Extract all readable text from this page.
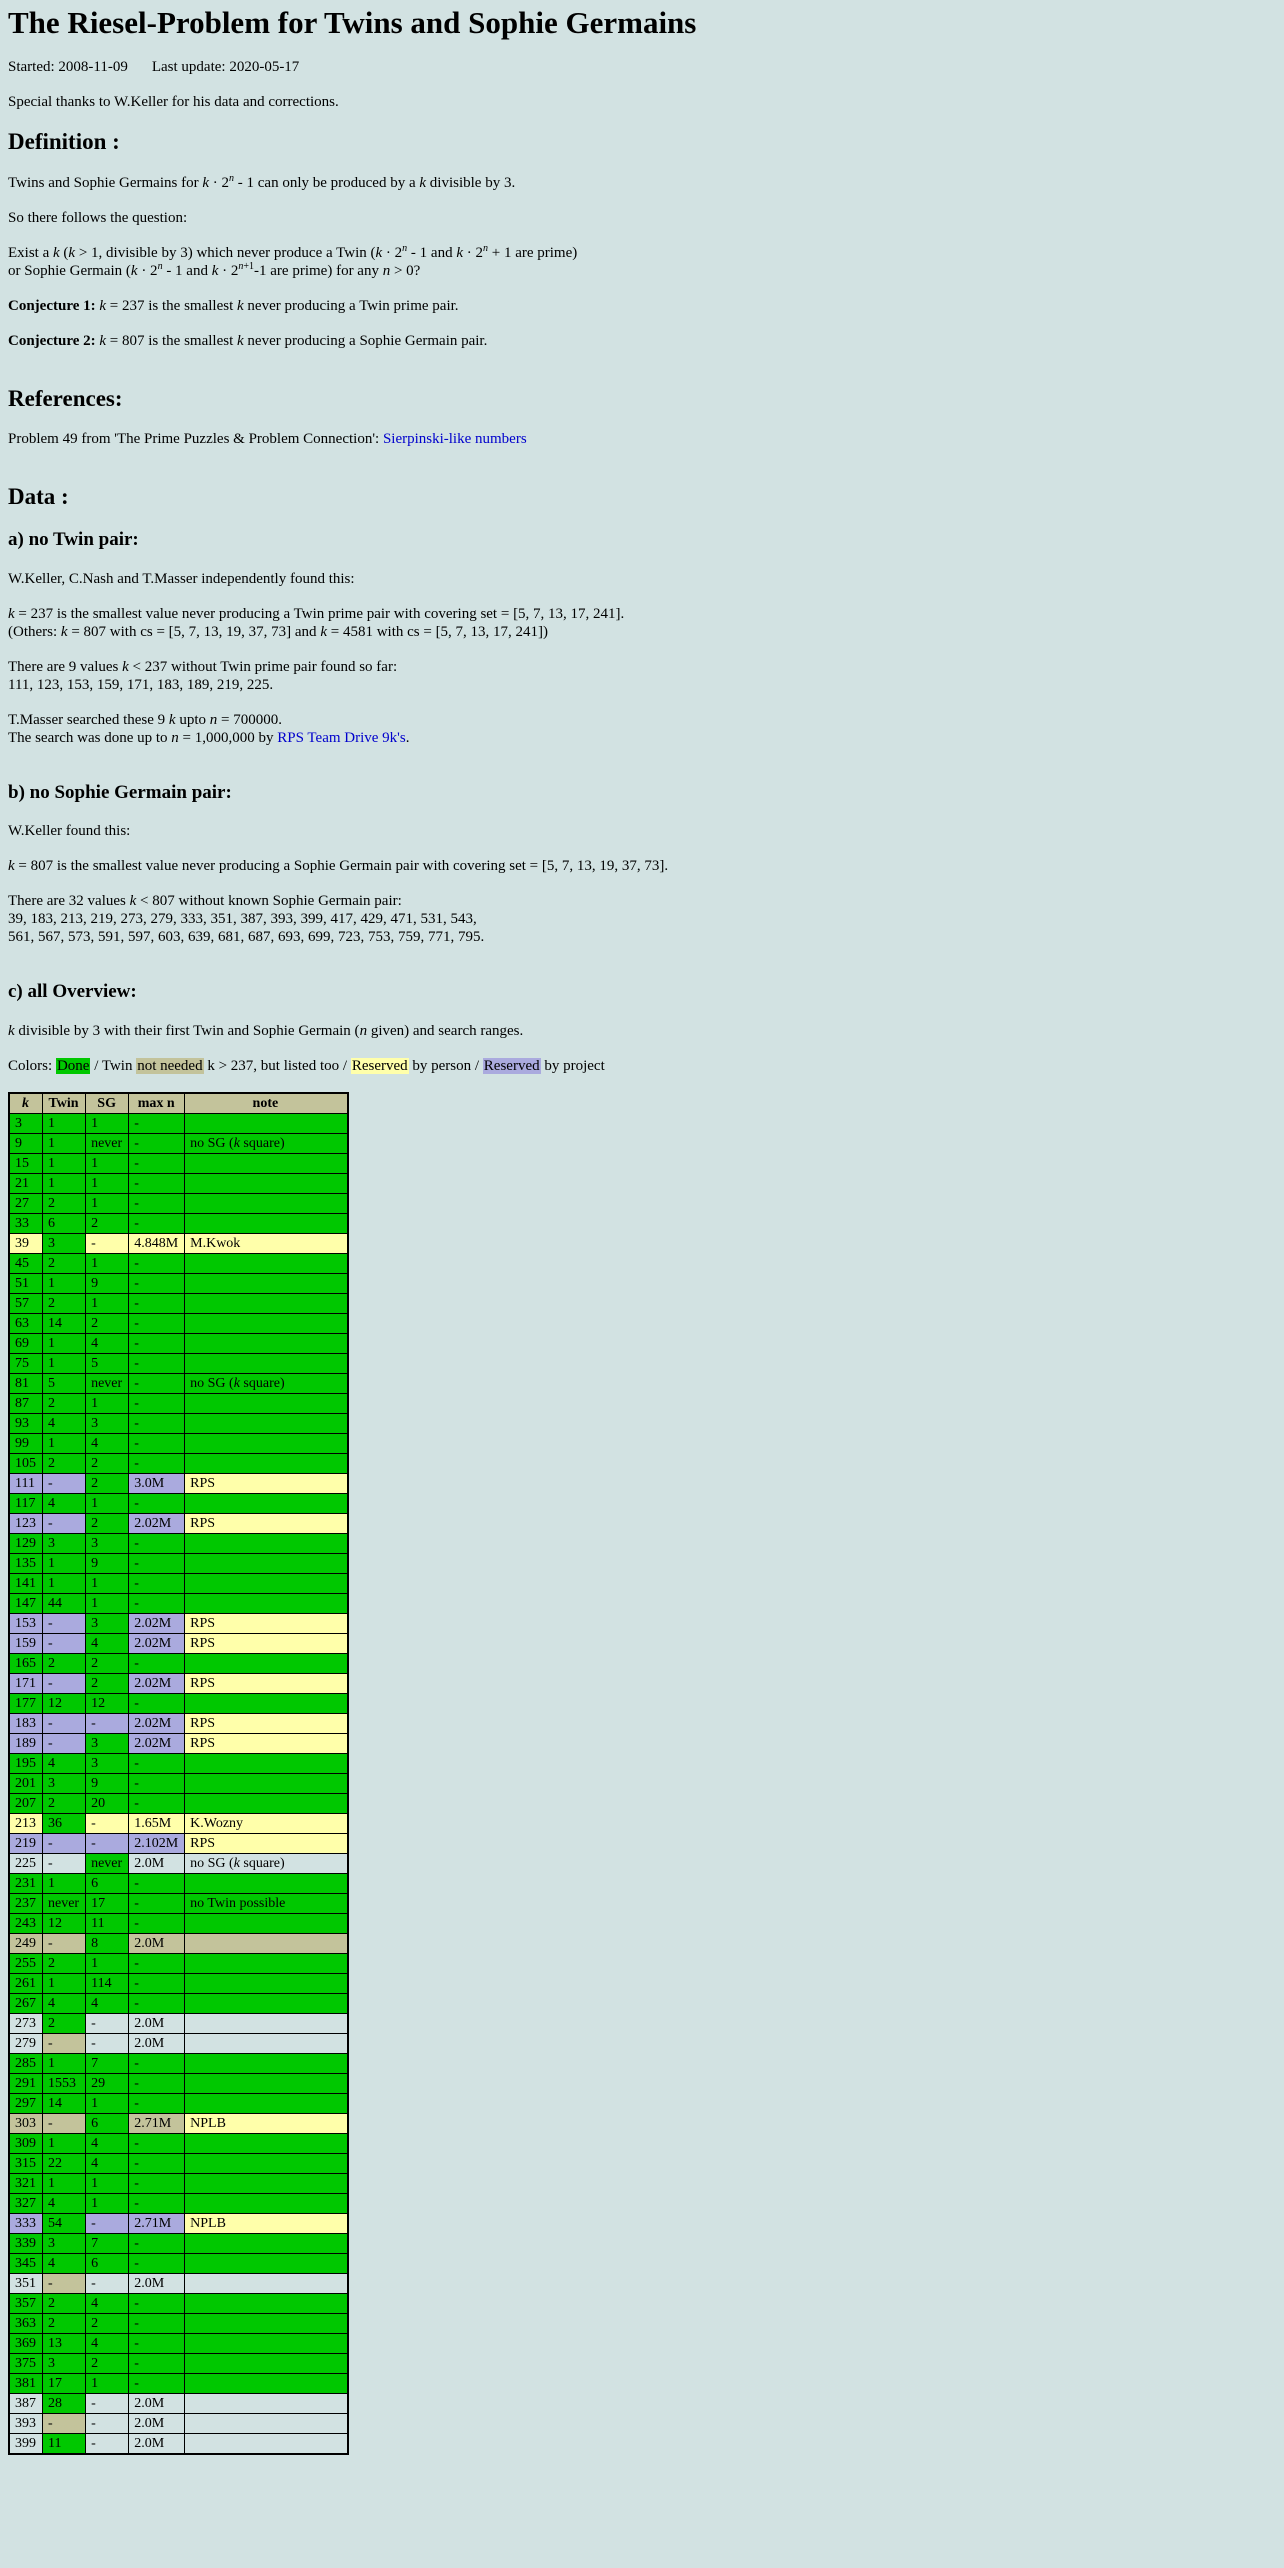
The Riesel-Problem for Twins and Sophie Germains

Started: 2008-11-09 Last update: 2020-05-17

Special thanks to W.Keller for his data and corrections.

Definition :

Twins and Sophie Germains for $k \cdot 2^n - 1$ can only be produced by a k divisible by 3.

So there follows the question:

Exist a k (k > 1, divisible by 3) which never produce a Twin ($k \cdot 2^n - 1$ and $k \cdot 2^n + 1$ are prime)
or Sophie Germain ($k \cdot 2^n - 1$ and $k \cdot 2^{n+1}-1$ are prime) for any n > 0?

Conjecture 1: k = 237 is the smallest k never producing a Twin prime pair.

Conjecture 2: k = 807 is the smallest k never producing a Sophie Germain pair.

References:

Problem 49 from 'The Prime Puzzles & Problem Connection': Sierpinski-like numbers

Data :
a) no Twin pair:

W.Keller, C.Nash and T.Masser independently found this:

k = 237 is the smallest value never producing a Twin prime pair with covering set = [5, 7, 13, 17, 241].
(Others: k = 807 with cs = [5, 7, 13, 19, 37, 73] and k = 4581 with cs = [5, 7, 13, 17, 241])

There are 9 values k < 237 without Twin prime pair found so far:
111, 123, 153, 159, 171, 183, 189, 219, 225.

T.Masser searched these 9 k upto n = 700000.
The search was done up to n = 1,000,000 by RPS Team Drive 9k's.

b) no Sophie Germain pair:

W.Keller found this:

k = 807 is the smallest value never producing a Sophie Germain pair with covering set = [5, 7, 13, 19, 37, 73].

There are 32 values k < 807 without known Sophie Germain pair:
39, 183, 213, 219, 273, 279, 333, 351, 387, 393, 399, 417, 429, 471, 531, 543,
561, 567, 573, 591, 597, 603, 639, 681, 687, 693, 699, 723, 753, 759, 771, 795.

c) all Overview:

k divisible by 3 with their first Twin and Sophie Germain (n given) and search ranges.

Colors: Done / Twin not needed k > 237, but listed too / Reserved by person / Reserved by project

k	Twin	SG	max n	note
3	1	1	-	
9	1	never	-	no SG (k square)
15	1	1	-	
21	1	1	-	
27	2	1	-	
33	6	2	-	
39	3	-	4.848M	M.Kwok
45	2	1	-	
51	1	9	-	
57	2	1	-	
63	14	2	-	
69	1	4	-	
75	1	5	-	
81	5	never	-	no SG (k square)
87	2	1	-	
93	4	3	-	
99	1	4	-	
105	2	2	-	
111	-	2	3.0M	RPS
117	4	1	-	
123	-	2	2.02M	RPS
129	3	3	-	
135	1	9	-	
141	1	1	-	
147	44	1	-	
153	-	3	2.02M	RPS
159	-	4	2.02M	RPS
165	2	2	-	
171	-	2	2.02M	RPS
177	12	12	-	
183	-	-	2.02M	RPS
189	-	3	2.02M	RPS
195	4	3	-	
201	3	9	-	
207	2	20	-	
213	36	-	1.65M	K.Wozny
219	-	-	2.102M	RPS
225	-	never	2.0M	no SG (k square)
231	1	6	-	
237	never	17	-	no Twin possible
243	12	11	-	
249	-	8	2.0M	
255	2	1	-	
261	1	114	-	
267	4	4	-	
273	2	-	2.0M	
279	-	-	2.0M	
285	1	7	-	
291	1553	29	-	
297	14	1	-	
303	-	6	2.71M	NPLB
309	1	4	-	
315	22	4	-	
321	1	1	-	
327	4	1	-	
333	54	-	2.71M	NPLB
339	3	7	-	
345	4	6	-	
351	-	-	2.0M	
357	2	4	-	
363	2	2	-	
369	13	4	-	
375	3	2	-	
381	17	1	-	
387	28	-	2.0M	
393	-	-	2.0M	
399	11	-	2.0M	
